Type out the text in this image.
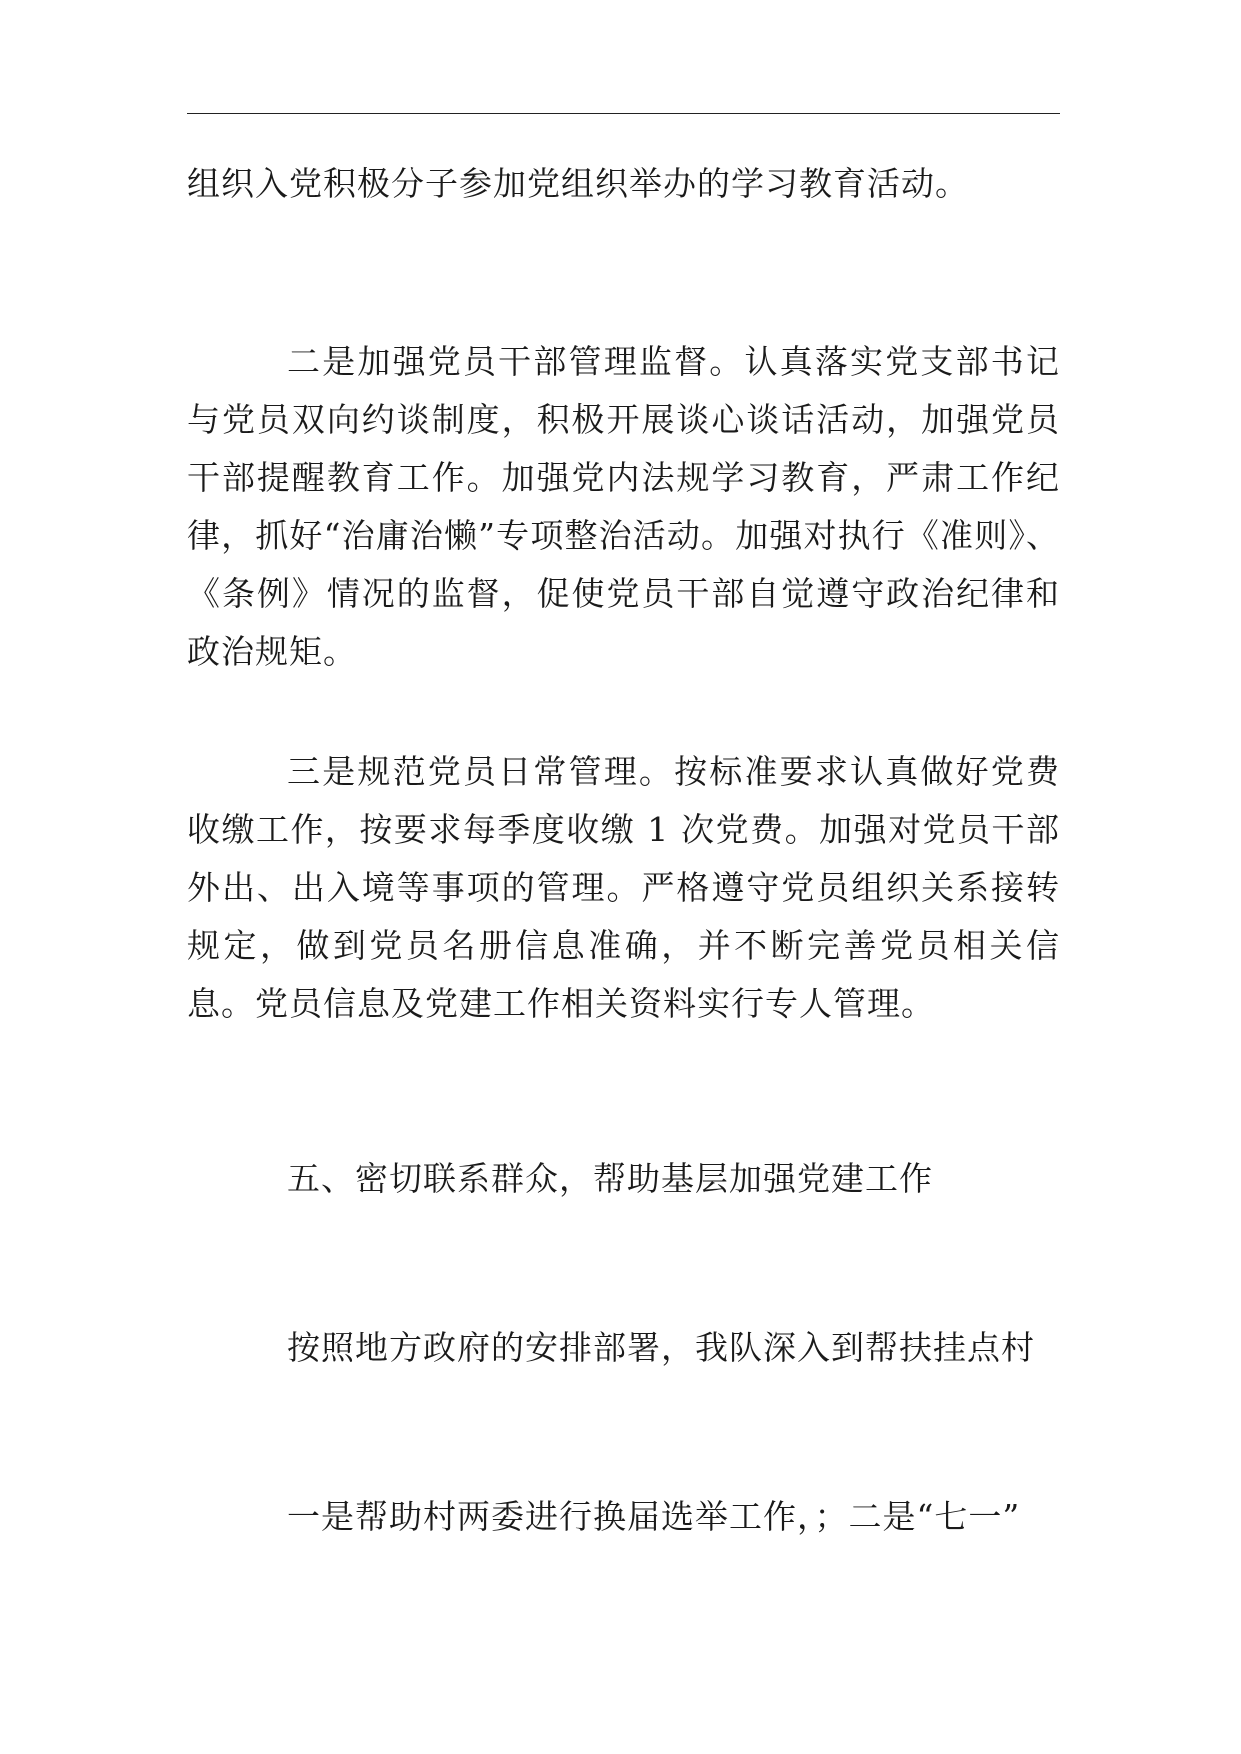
组织入党积极分子参加党组织举办的学习教育活动。

二是加强党员干部管理监督。认真落实党支部书记与党员双向约谈制度，积极开展谈心谈话活动，加强党员干部提醒教育工作。加强党内法规学习教育，严肃工作纪律，抓好“治庸治懒”专项整治活动。加强对执行《准则》、《条例》情况的监督，促使党员干部自觉遵守政治纪律和政治规矩。

三是规范党员日常管理。按标准要求认真做好党费收缴工作，按要求每季度收缴 1 次党费。加强对党员干部外出、出入境等事项的管理。严格遵守党员组织关系接转规定，做到党员名册信息准确，并不断完善党员相关信息。党员信息及党建工作相关资料实行专人管理。

五、密切联系群众，帮助基层加强党建工作

按照地方政府的安排部署，我队深入到帮扶挂点村

一是帮助村两委进行换届选举工作，；二是“七一”
